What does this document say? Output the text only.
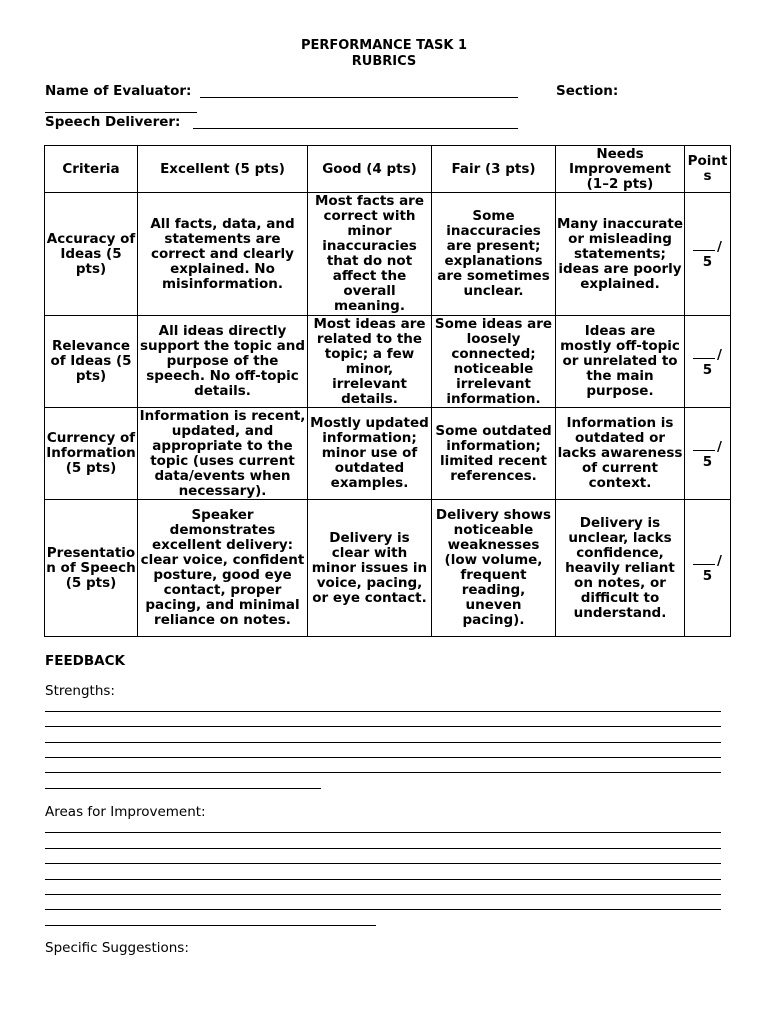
PERFORMANCE TASK 1
RUBRICS
Name of Evaluator:	Section:
Speech Deliverer:
Criteria	Excellent (5 pts)	Good (4 pts)	Fair (3 pts)	Needs Improvement (1–2 pts)	Points
Accuracy of Ideas (5 pts)	All facts, data, and statements are correct and clearly explained. No misinformation.	Most facts are correct with minor inaccuracies that do not affect the overall meaning.	Some inaccuracies are present; explanations are sometimes unclear.	Many inaccurate or misleading statements; ideas are poorly explained.	/ 5
Relevance of Ideas (5 pts)	All ideas directly support the topic and purpose of the speech. No off-topic details.	Most ideas are related to the topic; a few minor, irrelevant details.	Some ideas are loosely connected; noticeable irrelevant information.	Ideas are mostly off-topic or unrelated to the main purpose.	/ 5
Currency of Information (5 pts)	Information is recent, updated, and appropriate to the topic (uses current data/events when necessary).	Mostly updated information; minor use of outdated examples.	Some outdated information; limited recent references.	Information is outdated or lacks awareness of current context.	/ 5
Presentation of Speech (5 pts)	Speaker demonstrates excellent delivery: clear voice, confident posture, good eye contact, proper pacing, and minimal reliance on notes.	Delivery is clear with minor issues in voice, pacing, or eye contact.	Delivery shows noticeable weaknesses (low volume, frequent reading, uneven pacing).	Delivery is unclear, lacks confidence, heavily reliant on notes, or difficult to understand.	/ 5
FEEDBACK
Strengths:
Areas for Improvement:
Specific Suggestions:
